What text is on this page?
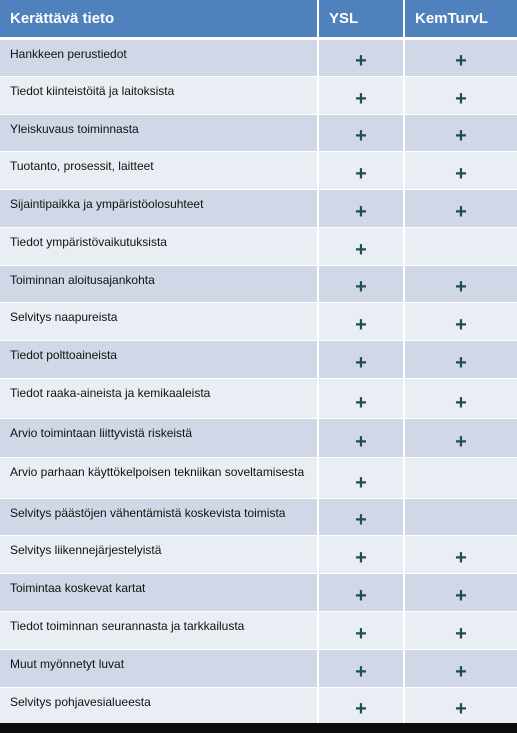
Kerättävä tieto	YSL	KemTurvL
Hankkeen perustiedot	+	+
Tiedot kiinteistöitä ja laitoksista	+	+
Yleiskuvaus toiminnasta	+	+
Tuotanto, prosessit, laitteet	+	+
Sijaintipaikka ja ympäristöolosuhteet	+	+
Tiedot ympäristövaikutuksista	+	
Toiminnan aloitusajankohta	+	+
Selvitys naapureista	+	+
Tiedot polttoaineista	+	+
Tiedot raaka-aineista ja kemikaaleista	+	+
Arvio toimintaan liittyvistä riskeistä	+	+
Arvio parhaan käyttökelpoisen tekniikan soveltamisesta	+	
Selvitys päästöjen vähentämistä koskevista toimista	+	
Selvitys liikennejärjestelyistä	+	+
Toimintaa koskevat kartat	+	+
Tiedot toiminnan seurannasta ja tarkkailusta	+	+
Muut myönnetyt luvat	+	+
Selvitys pohjavesialueesta	+	+
